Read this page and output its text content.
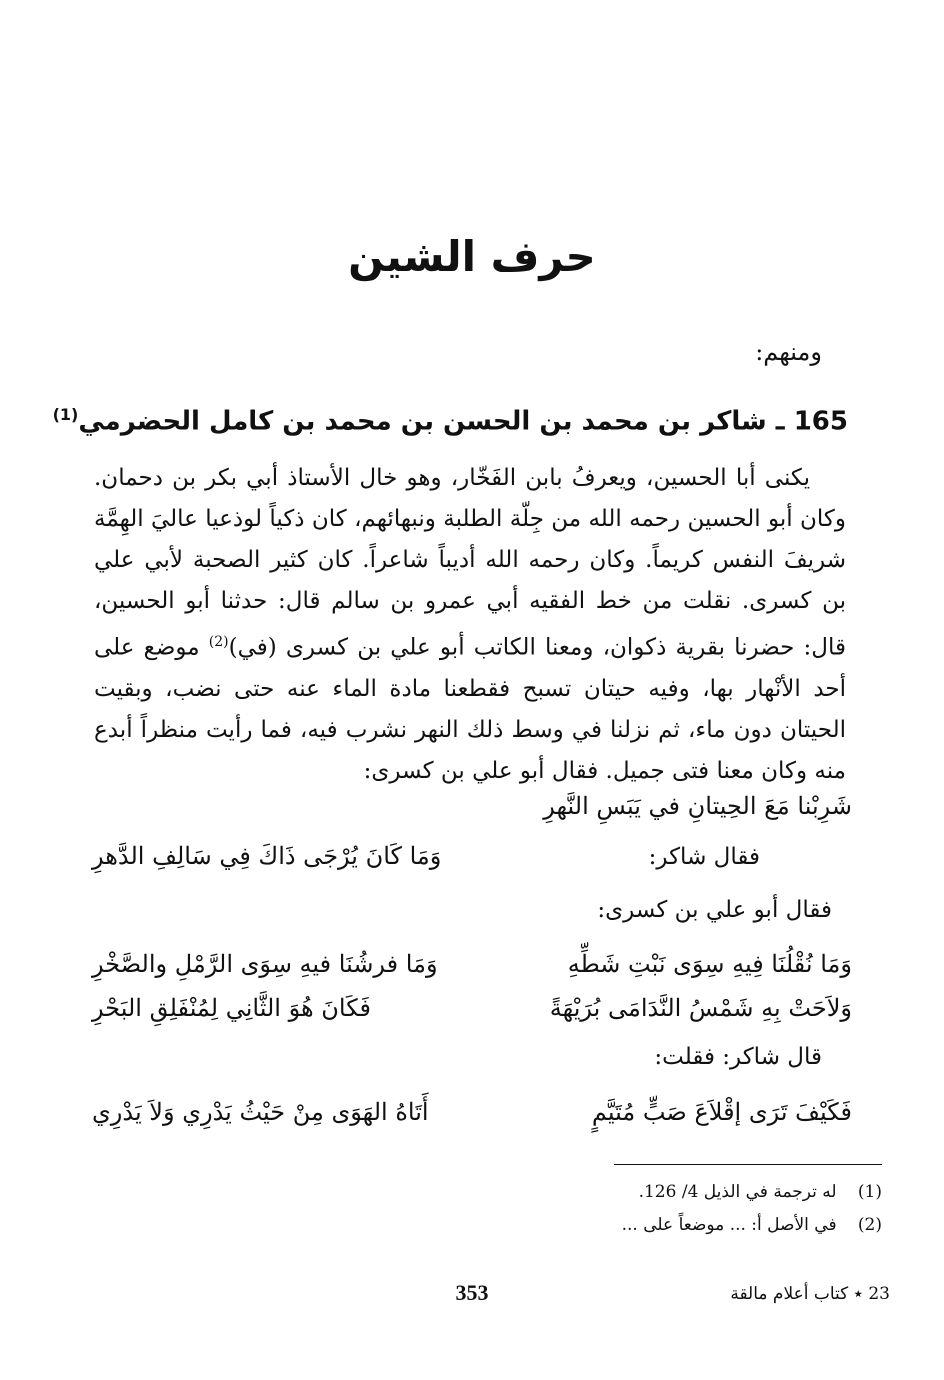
حرف الشين
ومنهم:
165 ـ شاكر بن محمد بن الحسن بن محمد بن كامل الحضرمي$^{(1)}$

يكنى أبا الحسين، ويعرفُ بابن الفَخّار، وهو خال الأستاذ أبي بكر بن دحمان. وكان أبو الحسين رحمه الله من جِلّة الطلبة ونبهائهم، كان ذكياً لوذعيا عاليَ الهِمَّة شريفَ النفس كريماً. وكان رحمه الله أديباً شاعراً. كان كثير الصحبة لأبي علي بن كسرى. نقلت من خط الفقيه أبي عمرو بن سالم قال: حدثنا أبو الحسين، قال: حضرنا بقرية ذكوان، ومعنا الكاتب أبو علي بن كسرى (في)$^{(2)}$ موضع على أحد الأنْهار بها، وفيه حيتان تسبح فقطعنا مادة الماء عنه حتى نضب، وبقيت الحيتان دون ماء، ثم نزلنا في وسط ذلك النهر نشرب فيه، فما رأيت منظراً أبدع منه وكان معنا فتى جميل. فقال أبو علي بن كسرى:

شَرِبْنا مَعَ الحِيتانِ في يَبَسِ النَّهرِ
فقال شاكر:
وَمَا كَانَ يُرْجَى ذَاكَ فِي سَالِفِ الدَّهرِ
فقال أبو علي بن كسرى:
وَمَا نُقْلُنَا فِيهِ سِوَى نَبْتِ شَطِّهِ
وَمَا فرشُنَا فيهِ سِوَى الرَّمْلِ والصَّخْرِ
وَلاَحَتْ بِهِ شَمْسُ النَّدَامَى بُرَيْهَةً
فَكَانَ هُوَ الثَّانِي لِمُنْفَلِقِ البَحْرِ
قال شاكر: فقلت:
فَكَيْفَ تَرَى إقْلاَعَ صَبٍّ مُتَيَّمٍ
أَتَاهُ الهَوَى مِنْ حَيْثُ يَدْرِي وَلاَ يَدْرِي
(1) له ترجمة في الذيل 4/ 126.
(2) في الأصل أ: ... موضعاً على ...
353	23 ٭ كتاب أعلام مالقة
